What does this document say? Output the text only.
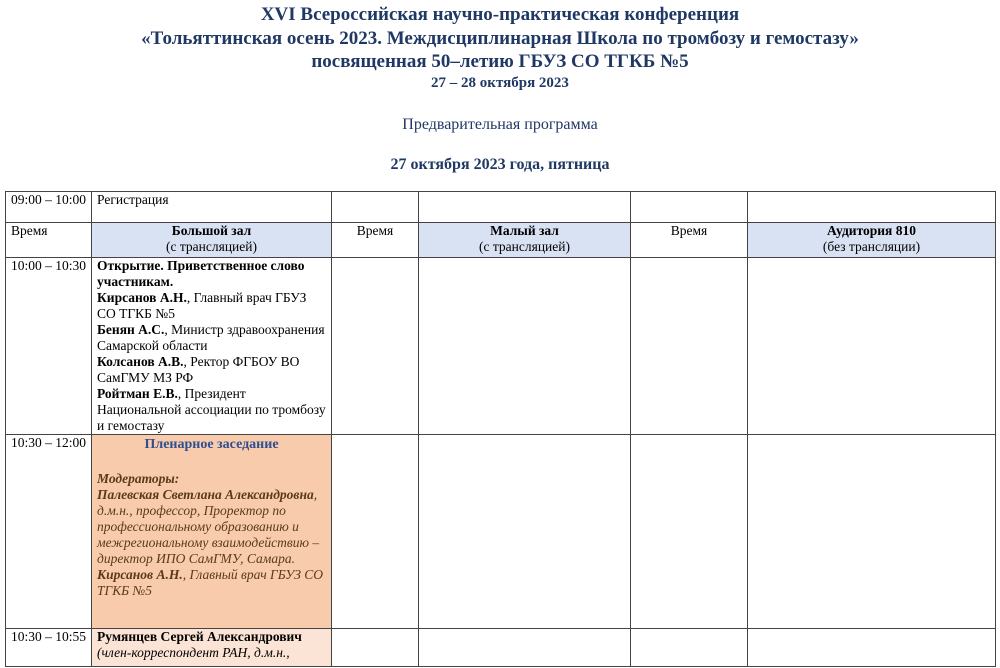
XVI Всероссийская научно-практическая конференция
«Тольяттинская осень 2023. Междисциплинарная Школа по тромбозу и гемостазу»
посвященная 50–летию ГБУЗ СО ТГКБ №5
27 – 28 октября 2023
Предварительная программа
27 октября 2023 года, пятница
09:00 – 10:00	Регистрация				
Время	Большой зал
(с трансляцией)	Время	Малый зал
(с трансляцией)	Время	Аудитория 810
(без трансляции)
10:00 – 10:30	Открытие. Приветственное слово участникам.
Кирсанов А.Н., Главный врач ГБУЗ СО ТГКБ №5
Бенян А.С., Министр здравоохранения Самарской области
Колсанов А.В., Ректор ФГБОУ ВО СамГМУ МЗ РФ
Ройтман Е.В., Президент Национальной ассоциации по тромбозу и гемостазу				

10:30 – 12:00	Пленарное заседание
Модераторы:
Палевская Светлана Александровна, д.м.н., профессор, Проректор по профессиональному образованию и межрегиональному взаимодействию – директор ИПО СамГМУ, Самара.
Кирсанов А.Н., Главный врач ГБУЗ СО ТГКБ №5				

10:30 – 10:55	Румянцев Сергей Александрович
(член-корреспондент РАН, д.м.н.,				
